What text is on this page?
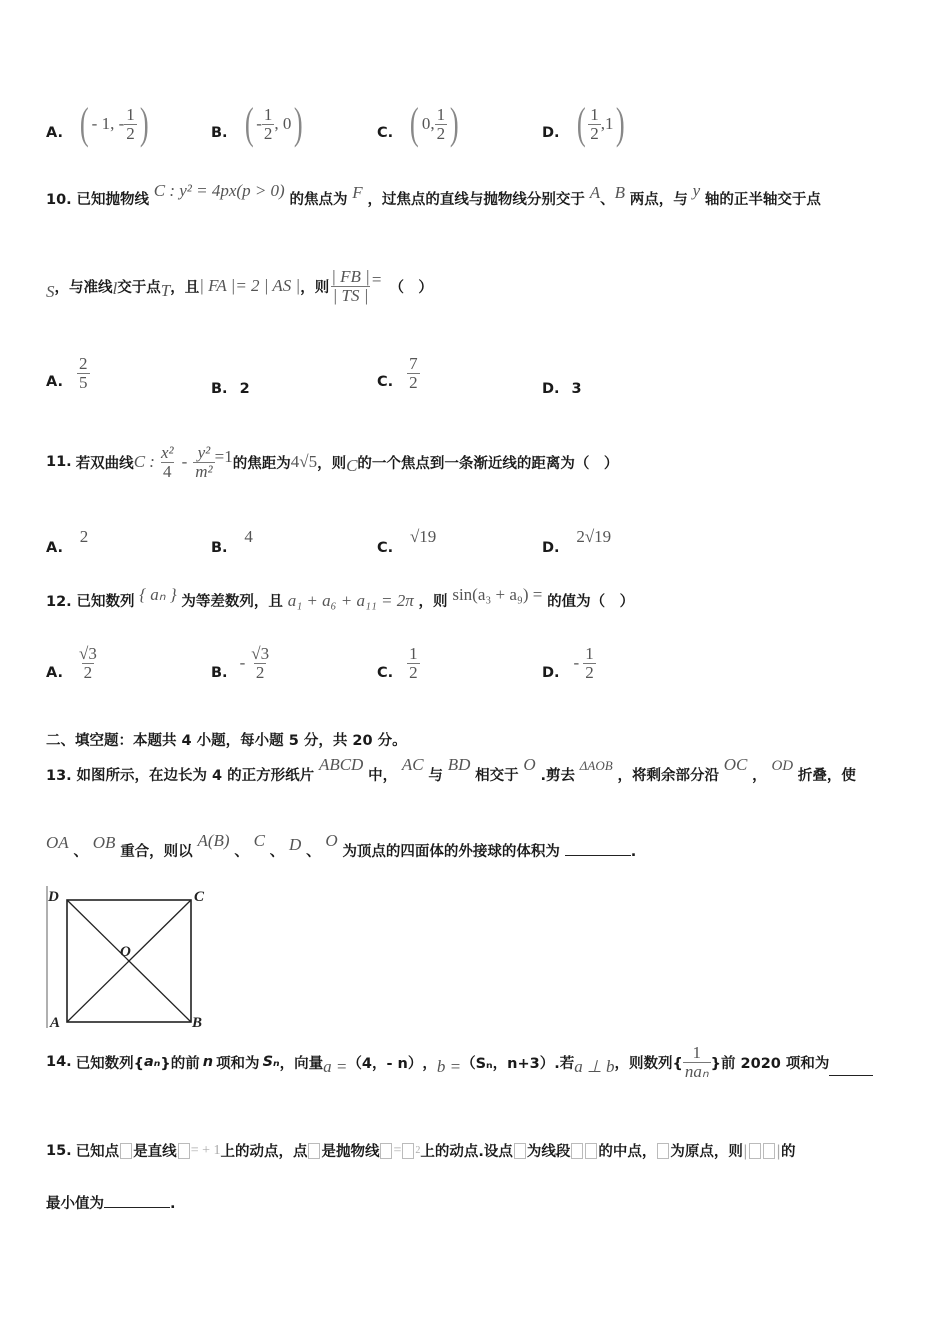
A. ( - 1, - $\frac{1}{2}$ )	B. ( - $\frac{1}{2}$ , 0 )	C. ( 0, $\frac{1}{2}$ )	D. ( $\frac{1}{2} ,1$ )
10. 已知抛物线 C : y² = 4px(p > 0) 的焦点为 F ，过焦点的直线与抛物线分别交于 A、B 两点，与 y 轴的正半轴交于点
S ，与准线 l 交于点 T ，且 | FA |= 2 | AS | ，则 $\frac{| FB |}{| TS |}$ = （　）
A. $\frac{2}{5}$	B. 2	C. $\frac{7}{2}$	D. 3
11. 若双曲线 C : $\frac{\text{x²}}{4} - \frac{\text{y²}}{\text{m²}} =1$ 的焦距为 4√5 ，则 C 的一个焦点到一条渐近线的距离为（　）
A. 2
B. 4
C. √19
D. 2√19
12. 已知数列 { aₙ } 为等差数列，且 a₁ + a₆ + a₁₁ = 2π ，则 sin(a₃ + a₉) = 的值为（　）
A. $\frac{√3}{2}$	B.
- $\frac{√3}{2}$	C. $\frac{1}{2}$	D.
- $\frac{1}{2}$
二、填空题：本题共 4 小题，每小题 5 分，共 20 分。
13. 如图所示，在边长为 4 的正方形纸片 ABCD 中， AC 与 BD 相交于 O .剪去 ΔAOB ，将剩余部分沿 OC ， OD 折叠，使
OA 、 OB 重合，则以 A(B) 、 C 、 D 、 O 为顶点的四面体的外接球的体积为	.
D	C
O
A	B
14. 已知数列{ aₙ }的前 n 项和为 Sₙ ，向量 a = （4，- n） ， b = （Sₙ，n+3） .若 a ⊥ b ，则数列{ $\frac{1}{\text{naₙ}}$ }前 2020 项和为
15. 已知点 是直线 = + 1 上的动点，点 是抛物线 = 2 上的动点.设点 为线段 的中点， 为原点，则 | | 的
最小值为	.
